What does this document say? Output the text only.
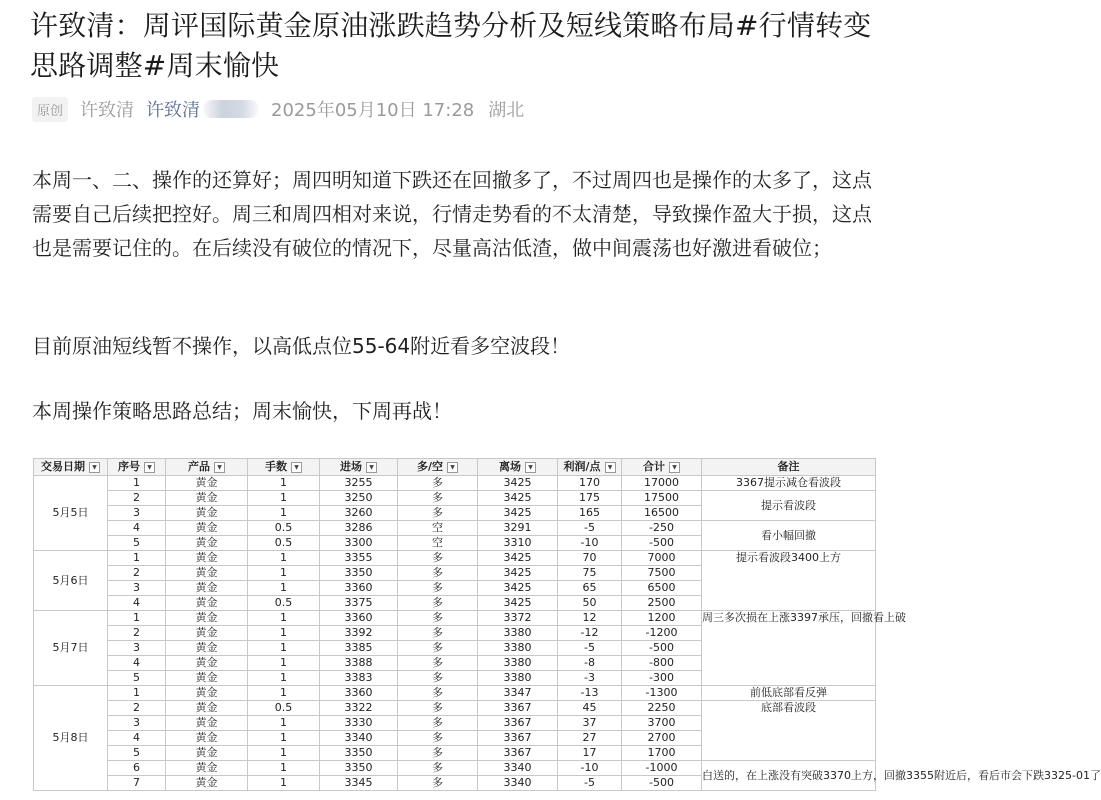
许致清：周评国际黄金原油涨跌趋势分析及短线策略布局#行情转变思路调整#周末愉快
原创 许致清 许致清	2025年05月10日 17:28 湖北
本周一、二、操作的还算好；周四明知道下跌还在回撤多了，不过周四也是操作的太多了，这点需要自己后续把控好。周三和周四相对来说，行情走势看的不太清楚，导致操作盈大于损，这点也是需要记住的。在后续没有破位的情况下，尽量高沽低渣，做中间震荡也好激进看破位；
目前原油短线暂不操作，以高低点位55-64附近看多空波段！
本周操作策略思路总结；周末愉快，下周再战！
交易日期 ▼	序号 ▼	产品 ▼	手数 ▼	进场 ▼	多/空 ▼	离场 ▼	利润/点 ▼	合计 ▼	备注
5月5日	1	黄金	1	3255	多	3425	170	17000	3367提示减仓看波段
	2	黄金	1	3250	多	3425	175	17500	提示看波段
	3	黄金	1	3260	多	3425	165	16500	
	4	黄金	0.5	3286	空	3291	-5	-250	看小幅回撤
	5	黄金	0.5	3300	空	3310	-10	-500	
5月6日	1	黄金	1	3355	多	3425	70	7000	提示看波段3400上方
	2	黄金	1	3350	多	3425	75	7500	
	3	黄金	1	3360	多	3425	65	6500	
	4	黄金	0.5	3375	多	3425	50	2500	
5月7日	1	黄金	1	3360	多	3372	12	1200	周三多次损在上涨3397承压，回撤看上破
	2	黄金	1	3392	多	3380	-12	-1200	
	3	黄金	1	3385	多	3380	-5	-500	
	4	黄金	1	3388	多	3380	-8	-800	
	5	黄金	1	3383	多	3380	-3	-300	
5月8日	1	黄金	1	3360	多	3347	-13	-1300	前低底部看反弹
	2	黄金	0.5	3322	多	3367	45	2250	底部看波段
	3	黄金	1	3330	多	3367	37	3700	
	4	黄金	1	3340	多	3367	27	2700	
	5	黄金	1	3350	多	3367	17	1700	
	6	黄金	1	3350	多	3340	-10	-1000	白送的，在上涨没有突破3370上方，回撤3355附近后，看后市会下跌3325-01了
	7	黄金	1	3345	多	3340	-5	-500	
